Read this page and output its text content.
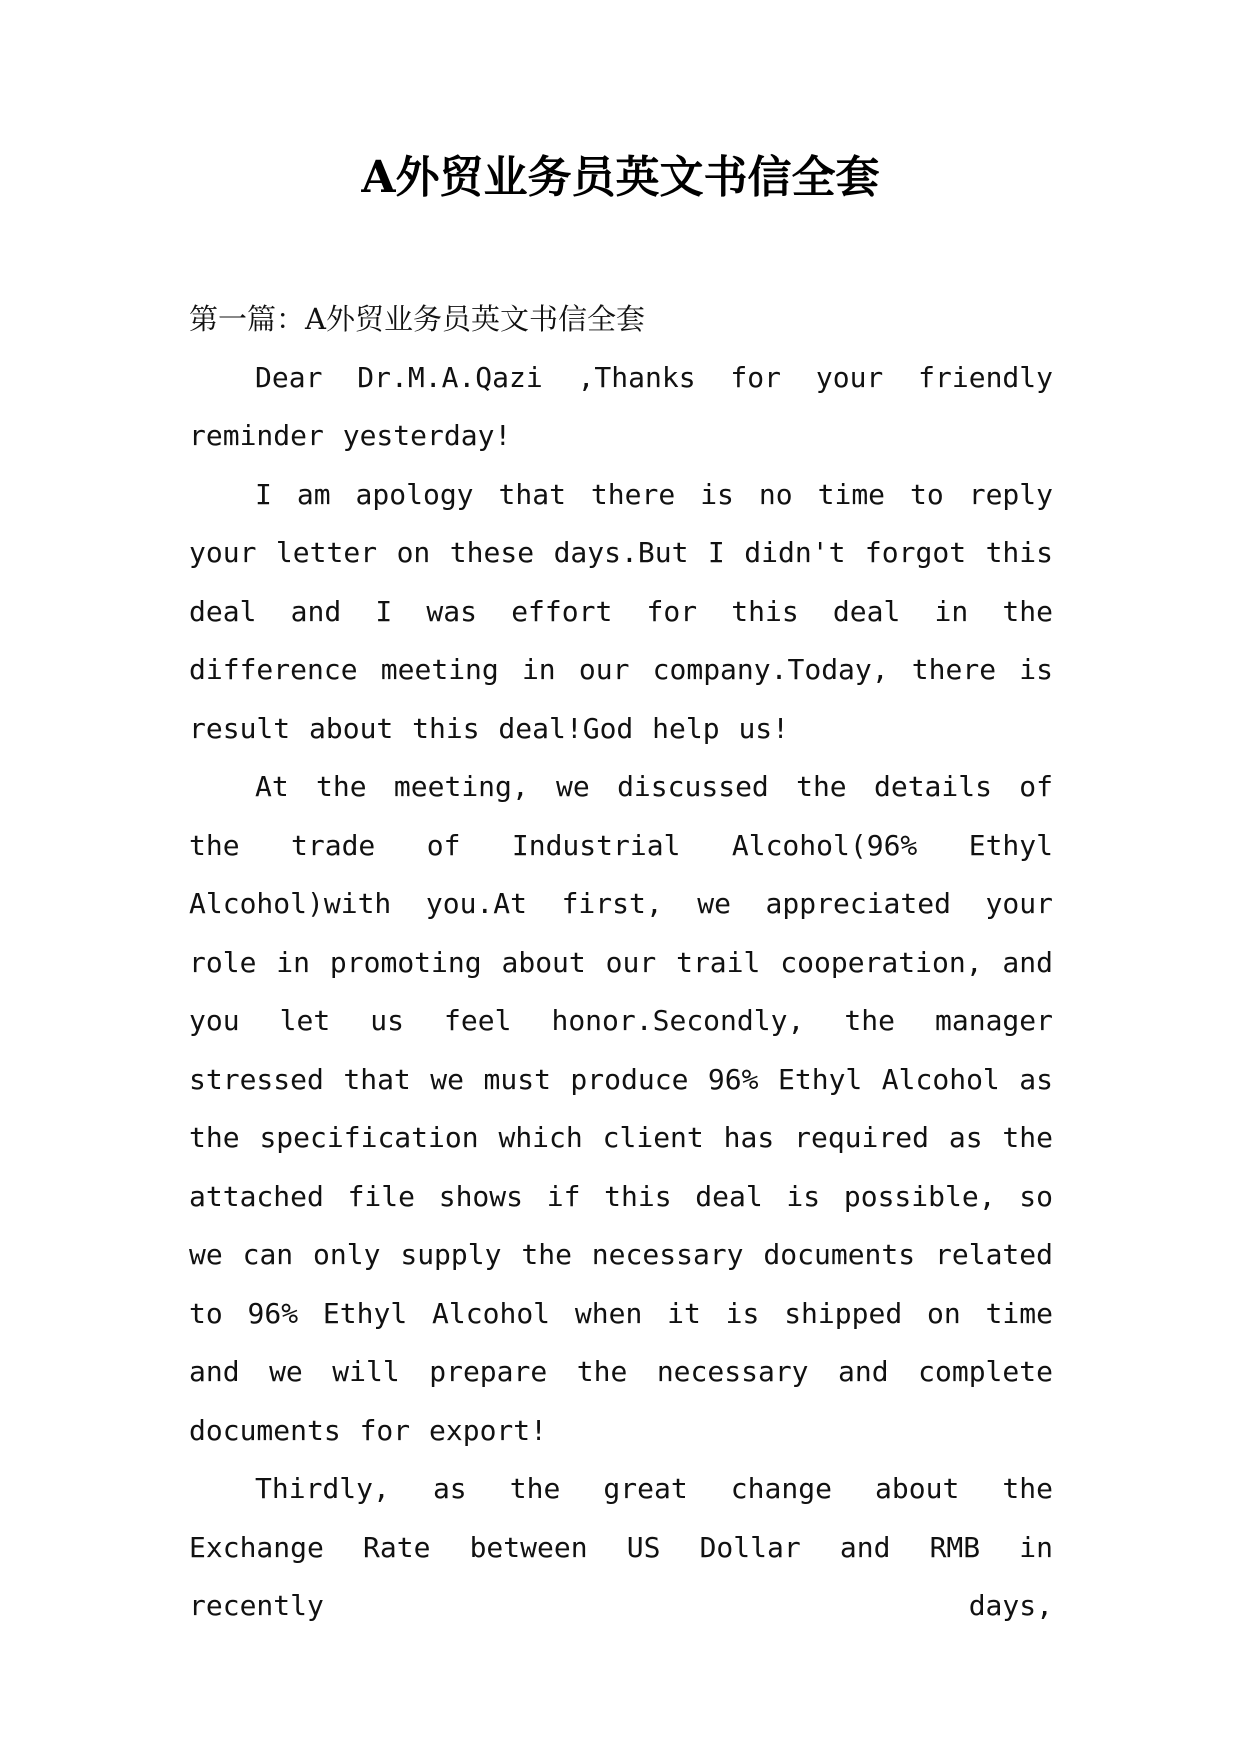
A外贸业务员英文书信全套

第一篇：A外贸业务员英文书信全套

Dear Dr.M.A.Qazi ,Thanks for your friendly reminder yesterday!

I am apology that there is no time to reply your letter on these days.But I didn't forgot this deal and I was effort for this deal in the difference meeting in our company.Today, there is result about this deal!God help us!

At the meeting, we discussed the details of the trade of Industrial Alcohol(96% Ethyl Alcohol)with you.At first, we appreciated your role in promoting about our trail cooperation, and you let us feel honor.Secondly, the manager stressed that we must produce 96% Ethyl Alcohol as the specification which client has required as the attached file shows if this deal is possible, so we can only supply the necessary documents related to 96% Ethyl Alcohol when it is shipped on time and we will prepare the necessary and complete documents for export!

Thirdly, as the great change about the Exchange Rate between US Dollar and RMB in recently days,
